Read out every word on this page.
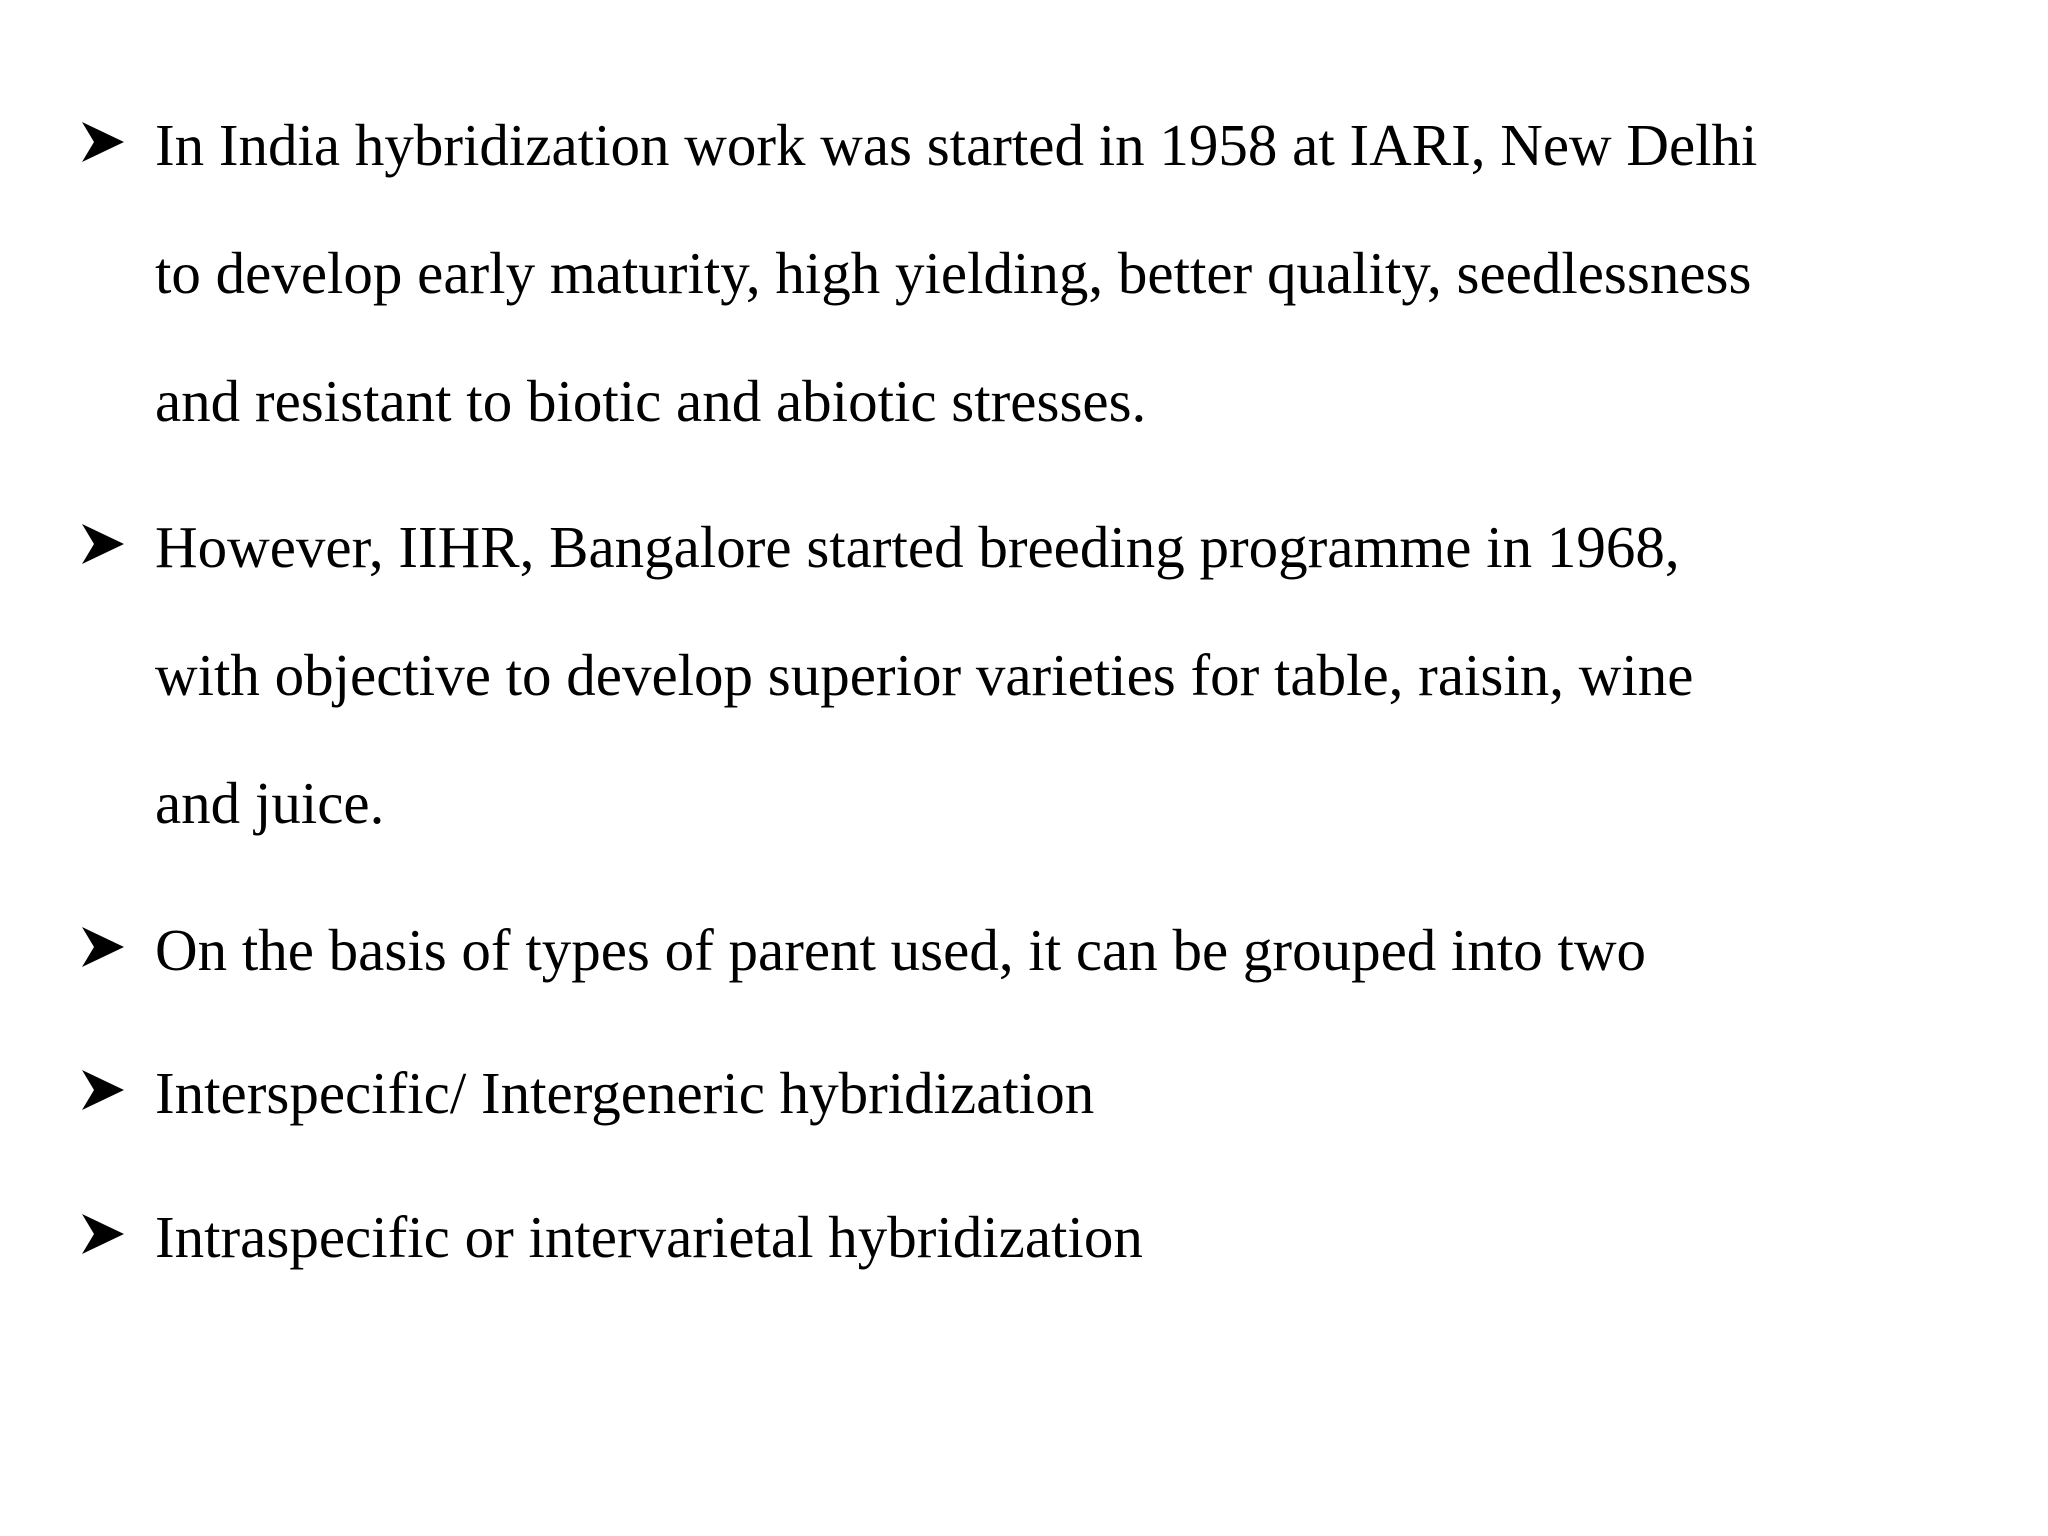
In India hybridization work was started in 1958 at IARI, New Delhi
to develop early maturity, high yielding, better quality, seedlessness
and resistant to biotic and abiotic stresses.
However, IIHR, Bangalore started breeding programme in 1968,
with objective to develop superior varieties for table, raisin, wine
and juice.
On the basis of types of parent used, it can be grouped into two
Interspecific/ Intergeneric hybridization
Intraspecific or intervarietal hybridization
